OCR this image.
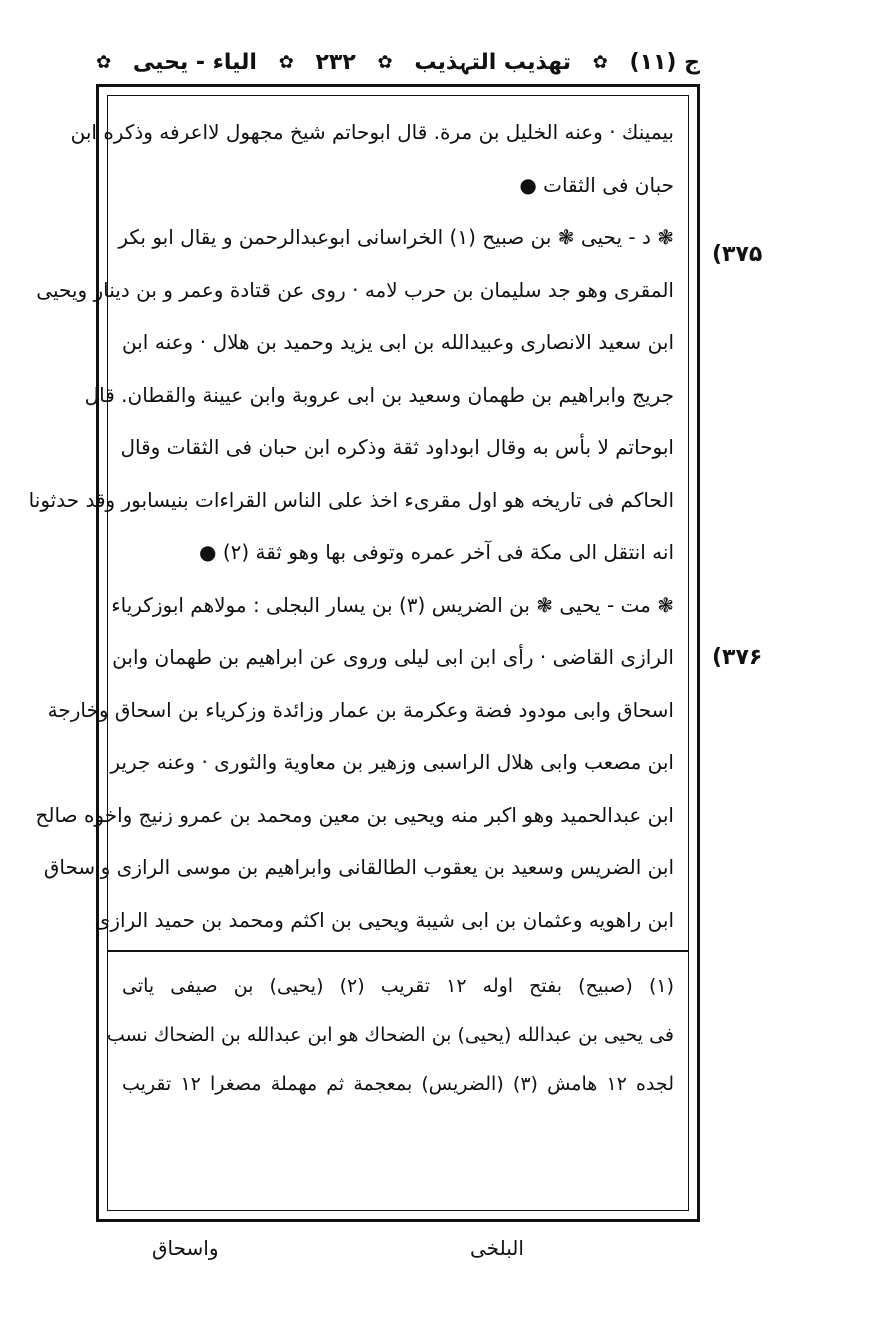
ج (۱۱)
✿
تهذیب التہذیب
✿
۲۳۲
✿
الیاء - یحیی
✿
(۳۷۵
(۳۷۶
بیمینك · وعنه الخلیل بن مرة. قال ابوحاتم شیخ مجهول لااعرفه وذکره ابن
حبان فی الثقات ●
❃ د - یحیی ❃ بن صبیح (۱) الخراسانی ابوعبدالرحمن و یقال ابو بکر
المقری وهو جد سلیمان بن حرب لامه · روی عن قتادة وعمر و بن دینار ویحیی
ابن سعید الانصاری وعبیدالله بن ابی یزید وحمید بن هلال · وعنه ابن
جریج وابراهیم بن طهمان وسعید بن ابی عروبة وابن عیینة والقطان. قال
ابوحاتم لا بأس به وقال ابوداود ثقة وذکره ابن حبان فی الثقات وقال
الحاکم فی تاریخه هو اول مقریء اخذ علی الناس القراءات بنیسابور وقد حدثونا
انه انتقل الی مکة فی آخر عمره وتوفی بها وهو ثقة (۲) ●
❃ مت - یحیی ❃ بن الضریس (۳) بن یسار البجلی : مولاهم ابوزکریاء
الرازی القاضی · رأی ابن ابی لیلی وروی عن ابراهیم بن طهمان وابن
اسحاق وابی مودود فضة وعکرمة بن عمار وزائدة وزکریاء بن اسحاق وخارجة
ابن مصعب وابی هلال الراسبی وزهیر بن معاویة والثوری · وعنه جریر
ابن عبدالحمید وهو اکبر منه ویحیی بن معین ومحمد بن عمرو زنیج واخوه صالح
ابن الضریس وسعید بن یعقوب الطالقانی وابراهیم بن موسی الرازی واسحاق
ابن راهویه وعثمان بن ابی شیبة ویحیی بن اکثم ومحمد بن حمید الرازی
(۱) (صبیح) بفتح اوله ۱۲ تقریب (۲) (یحیی) بن صیفی یاتی
فی یحیی بن عبدالله (یحیی) بن الضحاك هو ابن عبدالله بن الضحاك نسب
لجده ۱۲ هامش (۳) (الضریس) بمعجمة ثم مهملة مصغرا ۱۲ تقریب
البلخی
واسحاق
